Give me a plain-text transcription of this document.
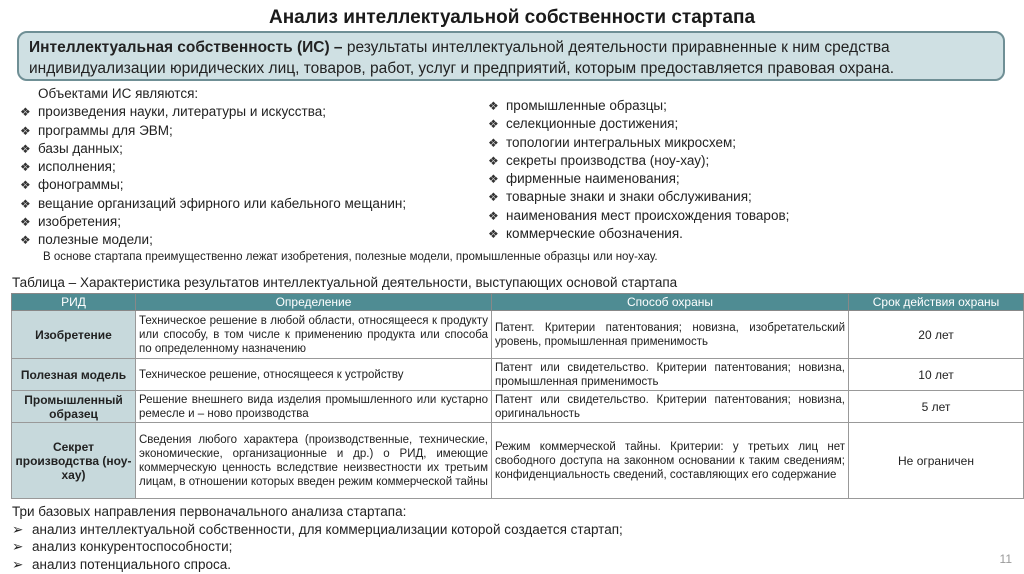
Анализ интеллектуальной собственности стартапа
Интеллектуальная собственность (ИС) – результаты интеллектуальной деятельности приравненные к ним средства индивидуализации юридических лиц, товаров, работ, услуг и предприятий, которым предоставляется правовая охрана.
Объектами ИС являются:
❖ произведения науки, литературы и искусства;
❖ программы для ЭВМ;
❖ базы данных;
❖ исполнения;
❖ фонограммы;
❖ вещание организаций эфирного или кабельного мещанин;
❖ изобретения;
❖ полезные модели;
❖ промышленные образцы;
❖ селекционные достижения;
❖ топологии интегральных микросхем;
❖ секреты производства (ноу-хау);
❖ фирменные наименования;
❖ товарные знаки и знаки обслуживания;
❖ наименования мест происхождения товаров;
❖ коммерческие обозначения.
В основе стартапа преимущественно лежат изобретения, полезные модели, промышленные образцы или ноу-хау.
Таблица – Характеристика результатов интеллектуальной деятельности, выступающих основой стартапа
РИД	Определение	Способ охраны	Срок действия охраны
Изобретение	Техническое решение в любой области, относящееся к продукту или способу, в том числе к применению продукта или способа по определенному назначению	Патент. Критерии патентования; новизна, изобретательский уровень, промышленная применимость	20 лет
Полезная модель	Техническое решение, относящееся к устройству	Патент или свидетельство. Критерии патентования; новизна, промышленная применимость	10 лет
Промышленный образец	Решение внешнего вида изделия промышленного или кустарно ремесле и – ново производства	Патент или свидетельство. Критерии патентования; новизна, оригинальность	5 лет
Секрет производства (ноу-хау)	Сведения любого характера (производственные, технические, экономические, организационные и др.) о РИД, имеющие коммерческую ценность вследствие неизвестности их третьим лицам, в отношении которых введен режим коммерческой тайны	Режим коммерческой тайны. Критерии: у третьих лиц нет свободного доступа на законном основании к таким сведениям; конфиденциальность сведений, составляющих его содержание	Не ограничен
Три базовых направления первоначального анализа стартапа:
➢ анализ интеллектуальной собственности, для коммерциализации которой создается стартап;
➢ анализ конкурентоспособности;
➢ анализ потенциального спроса.	11
